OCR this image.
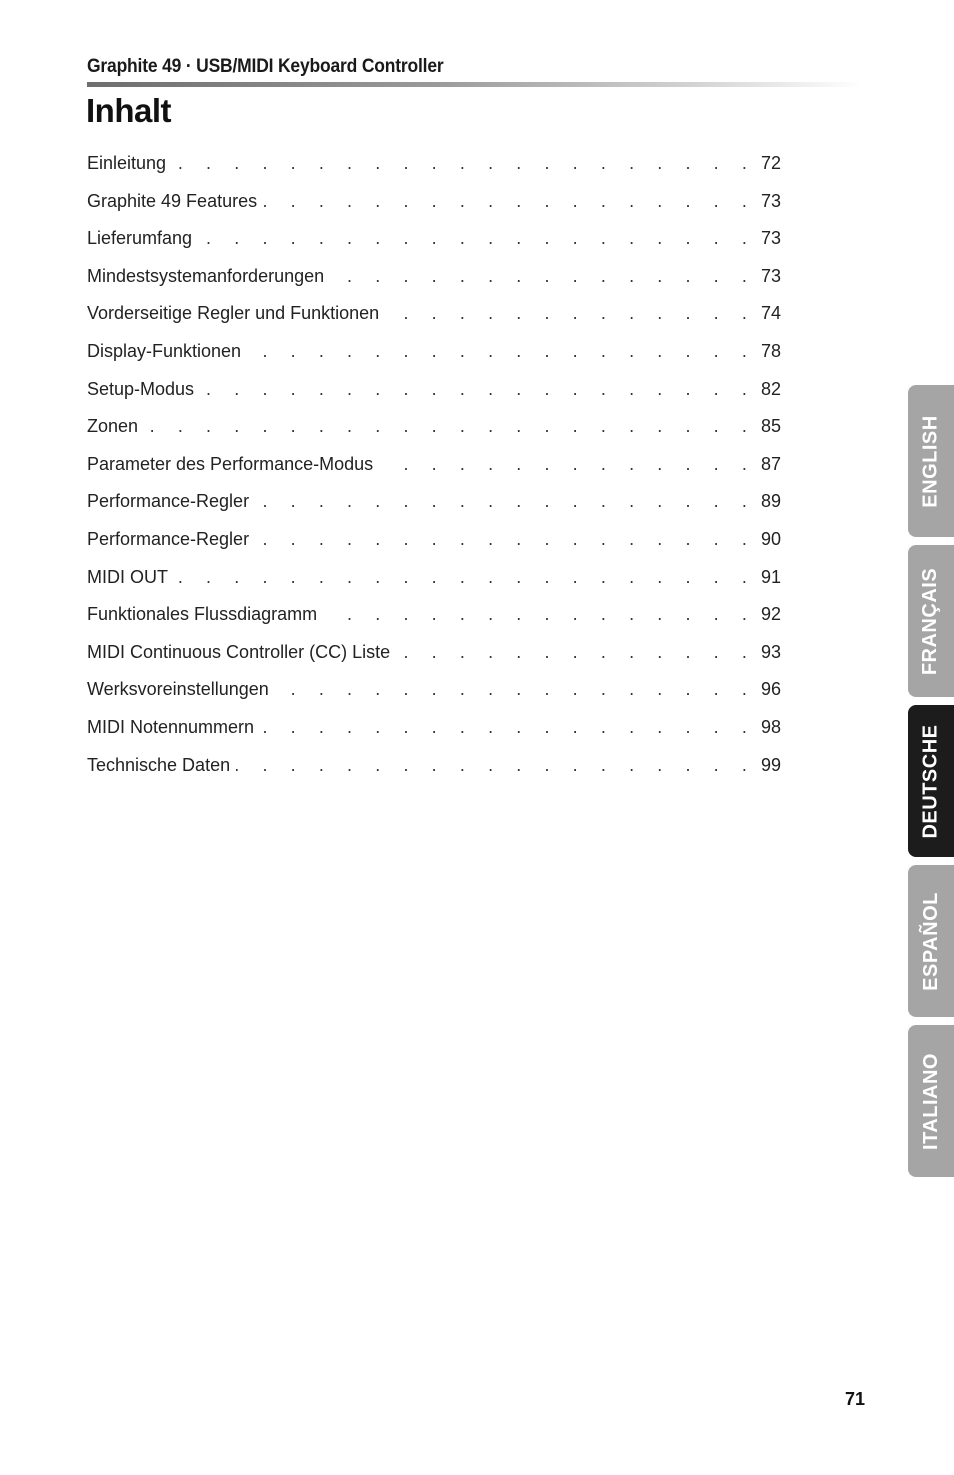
Graphite 49 · USB/MIDI Keyboard Controller
Inhalt
Einleitung . . .	72
Graphite 49 Features . . .	73
Lieferumfang . . .	73
Mindestsystemanforderungen . . .	73
Vorderseitige Regler und Funktionen . . .	74
Display-Funktionen . . .	78
Setup-Modus . . .	82
Zonen . . .	85
Parameter des Performance-Modus . . .	87
Performance-Regler . . .	89
Performance-Regler . . .	90
MIDI OUT . . .	91
Funktionales Flussdiagramm . . .	92
MIDI Continuous Controller (CC) Liste . . .	93
Werksvoreinstellungen . . .	96
MIDI Notennummern . . .	98
Technische Daten . . .	99
ENGLISH
FRANÇAIS
DEUTSCHE
ESPAÑOL
ITALIANO
71
